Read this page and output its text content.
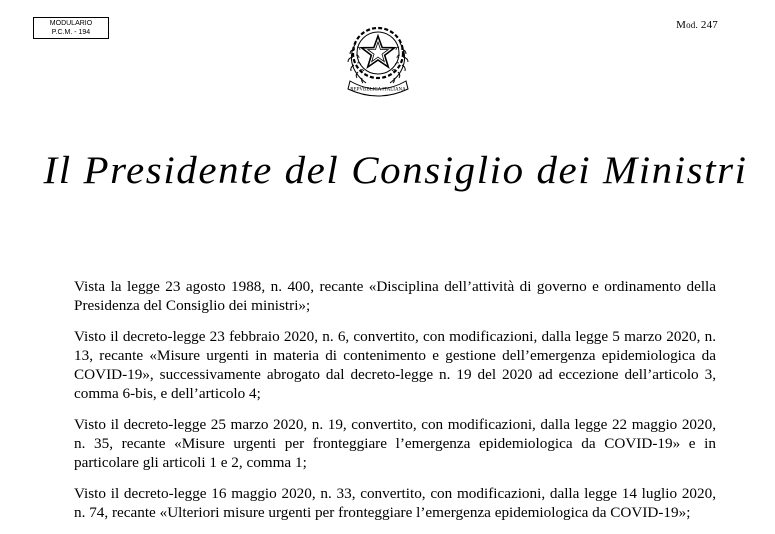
MODULARIO
P.C.M. - 194
Mod. 247
REPVBBLICA ITALIANA
Il Presidente del Consiglio dei Ministri

Vista la legge 23 agosto 1988, n. 400, recante «Disciplina dell’attività di governo e ordinamento della Presidenza del Consiglio dei ministri»;

Visto il decreto-legge 23 febbraio 2020, n. 6, convertito, con modificazioni, dalla legge 5 marzo 2020, n. 13, recante «Misure urgenti in materia di contenimento e gestione dell’emergenza epidemiologica da COVID-19», successivamente abrogato dal decreto-legge n. 19 del 2020 ad eccezione dell’articolo 3, comma 6-bis, e dell’articolo 4;

Visto il decreto-legge 25 marzo 2020, n. 19, convertito, con modificazioni, dalla legge 22 maggio 2020, n. 35, recante «Misure urgenti per fronteggiare l’emergenza epidemiologica da COVID-19» e in particolare gli articoli 1 e 2, comma 1;

Visto il decreto-legge 16 maggio 2020, n. 33, convertito, con modificazioni, dalla legge 14 luglio 2020, n. 74, recante «Ulteriori misure urgenti per fronteggiare l’emergenza epidemiologica da COVID-19»;
